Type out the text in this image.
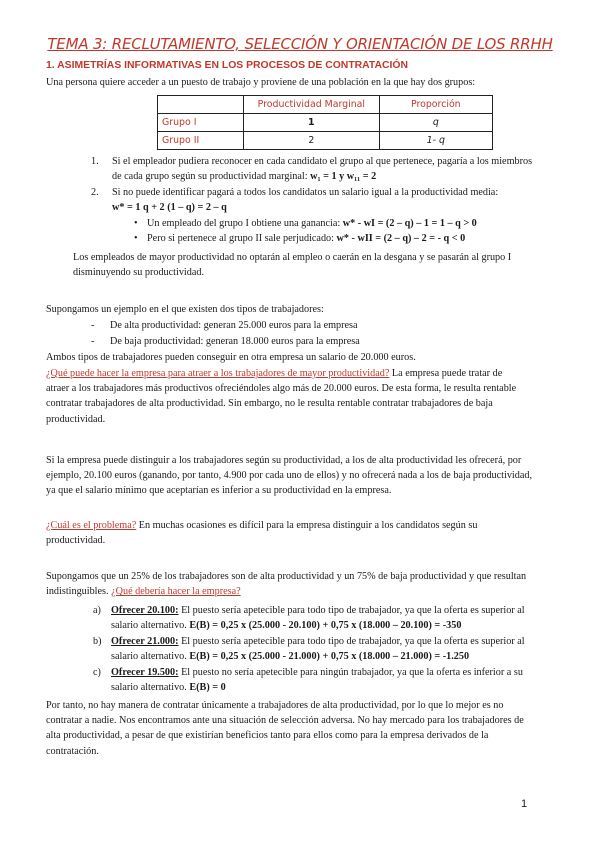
TEMA 3: RECLUTAMIENTO, SELECCIÓN Y ORIENTACIÓN DE LOS RRHH
1. ASIMETRÍAS INFORMATIVAS EN LOS PROCESOS DE CONTRATACIÓN
Una persona quiere acceder a un puesto de trabajo y proviene de una población en la que hay dos grupos:
	Productividad Marginal	Proporción
Grupo I	1	q
Grupo II	2	1- q
1. Si el empleador pudiera reconocer en cada candidato el grupo al que pertenece, pagaría a los miembros
de cada grupo según su productividad marginal: w₁ = 1 y w₁₁ = 2
2. Si no puede identificar pagará a todos los candidatos un salario igual a la productividad media:
w* = 1 q + 2 (1 – q) = 2 – q
• Un empleado del grupo I obtiene una ganancia: w* - wI = (2 – q) – 1 = 1 – q > 0
• Pero si pertenece al grupo II sale perjudicado: w* - wII = (2 – q) – 2 = - q < 0
Los empleados de mayor productividad no optarán al empleo o caerán en la desgana y se pasarán al grupo I
disminuyendo su productividad.
Supongamos un ejemplo en el que existen dos tipos de trabajadores:
- De alta productividad: generan 25.000 euros para la empresa
- De baja productividad: generan 18.000 euros para la empresa
Ambos tipos de trabajadores pueden conseguir en otra empresa un salario de 20.000 euros.
¿Qué puede hacer la empresa para atraer a los trabajadores de mayor productividad? La empresa puede tratar de
atraer a los trabajadores más productivos ofreciéndoles algo más de 20.000 euros. De esta forma, le resulta rentable
contratar trabajadores de alta productividad. Sin embargo, no le resulta rentable contratar trabajadores de baja
productividad.
Si la empresa puede distinguir a los trabajadores según su productividad, a los de alta productividad les ofrecerá, por
ejemplo, 20.100 euros (ganando, por tanto, 4.900 por cada uno de ellos) y no ofrecerá nada a los de baja productividad,
ya que el salario mínimo que aceptarían es inferior a su productividad en la empresa.
¿Cuál es el problema? En muchas ocasiones es difícil para la empresa distinguir a los candidatos según su
productividad.
Supongamos que un 25% de los trabajadores son de alta productividad y un 75% de baja productividad y que resultan
indistinguibles. ¿Qué debería hacer la empresa?
a) Ofrecer 20.100: El puesto sería apetecible para todo tipo de trabajador, ya que la oferta es superior al
salario alternativo. E(B) = 0,25 x (25.000 - 20.100) + 0,75 x (18.000 – 20.100) = -350
b) Ofrecer 21.000: El puesto sería apetecible para todo tipo de trabajador, ya que la oferta es superior al
salario alternativo. E(B) = 0,25 x (25.000 - 21.000) + 0,75 x (18.000 – 21.000) = -1.250
c) Ofrecer 19.500: El puesto no sería apetecible para ningún trabajador, ya que la oferta es inferior a su
salario alternativo. E(B) = 0
Por tanto, no hay manera de contratar únicamente a trabajadores de alta productividad, por lo que lo mejor es no
contratar a nadie. Nos encontramos ante una situación de selección adversa. No hay mercado para los trabajadores de
alta productividad, a pesar de que existirían beneficios tanto para ellos como para la empresa derivados de la
contratación.
1
